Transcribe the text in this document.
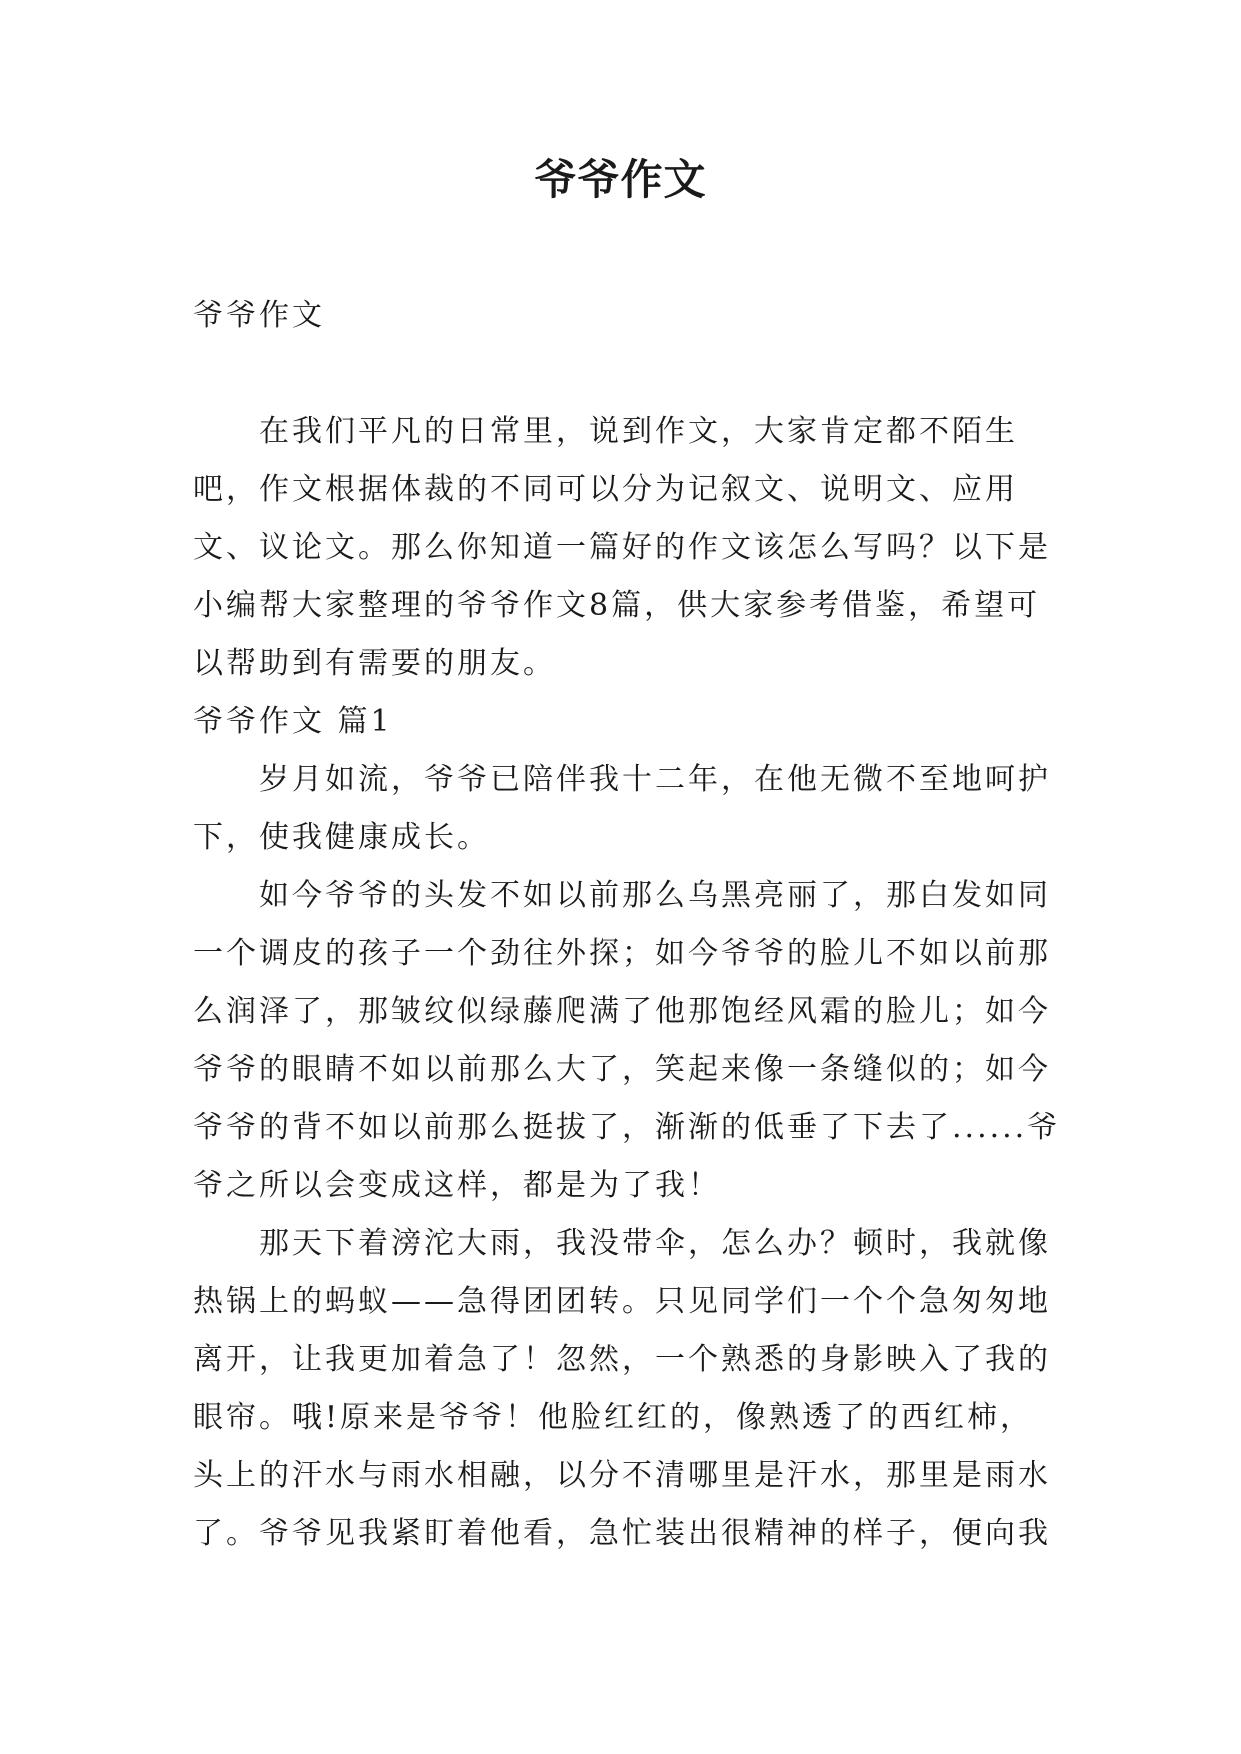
爷爷作文

爷爷作文

在我们平凡的日常里，说到作文，大家肯定都不陌生吧，作文根据体裁的不同可以分为记叙文、说明文、应用文、议论文。那么你知道一篇好的作文该怎么写吗？以下是小编帮大家整理的爷爷作文8篇，供大家参考借鉴，希望可以帮助到有需要的朋友。

爷爷作文 篇1

岁月如流，爷爷已陪伴我十二年，在他无微不至地呵护下，使我健康成长。

如今爷爷的头发不如以前那么乌黑亮丽了，那白发如同一个调皮的孩子一个劲往外探；如今爷爷的脸儿不如以前那么润泽了，那皱纹似绿藤爬满了他那饱经风霜的脸儿；如今爷爷的眼睛不如以前那么大了，笑起来像一条缝似的；如今爷爷的背不如以前那么挺拔了，渐渐的低垂了下去了......爷爷之所以会变成这样，都是为了我！

那天下着滂沱大雨，我没带伞，怎么办？顿时，我就像热锅上的蚂蚁——急得团团转。只见同学们一个个急匆匆地离开，让我更加着急了！忽然，一个熟悉的身影映入了我的眼帘。哦!原来是爷爷！他脸红红的，像熟透了的西红柿，头上的汗水与雨水相融，以分不清哪里是汗水，那里是雨水了。爷爷见我紧盯着他看，急忙装出很精神的样子，便向我
